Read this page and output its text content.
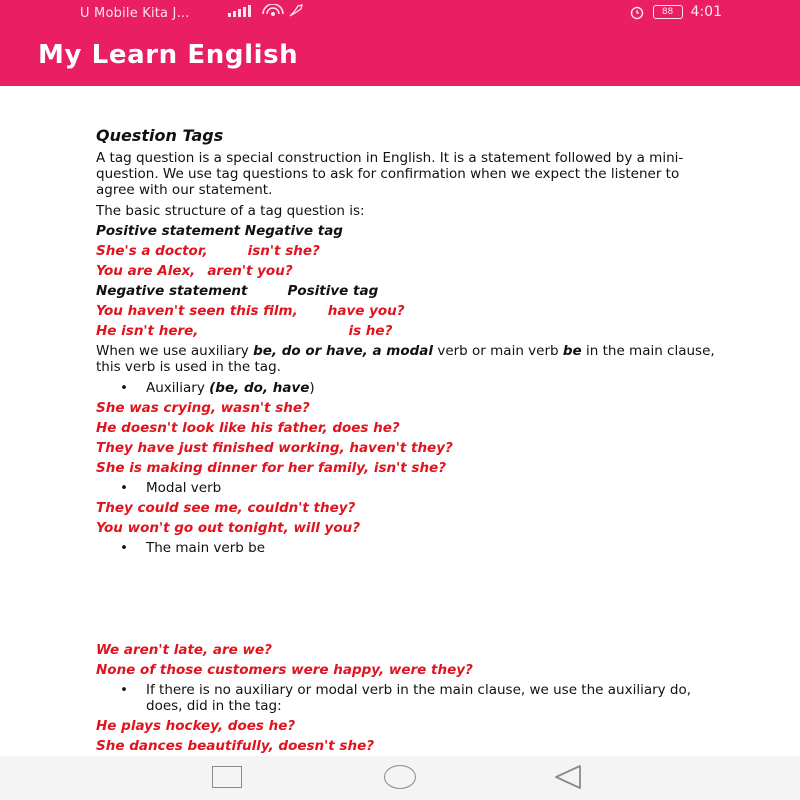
U Mobile Kita J...	88	4:01
My Learn English

Question Tags

A tag question is a special construction in English. It is a statement followed by a mini-question. We use tag questions to ask for confirmation when we expect the listener to agree with our statement.

The basic structure of a tag question is:

Positive statement Negative tag

She's a doctor,	isn't she?

You are Alex, aren't you?

Negative statement	Positive tag

You haven't seen this film, have you?

He isn't here,	is he?

When we use auxiliary be, do or have, a modal verb or main verb be in the main clause, this verb is used in the tag.

• Auxiliary (be, do, have)

She was crying, wasn't she?

He doesn't look like his father, does he?

They have just finished working, haven't they?

She is making dinner for her family, isn't she?

• Modal verb

They could see me, couldn't they?

You won't go out tonight, will you?

• The main verb be

We aren't late, are we?

None of those customers were happy, were they?

• If there is no auxiliary or modal verb in the main clause, we use the auxiliary do, does, did in the tag:

He plays hockey, does he?

She dances beautifully, doesn't she?
